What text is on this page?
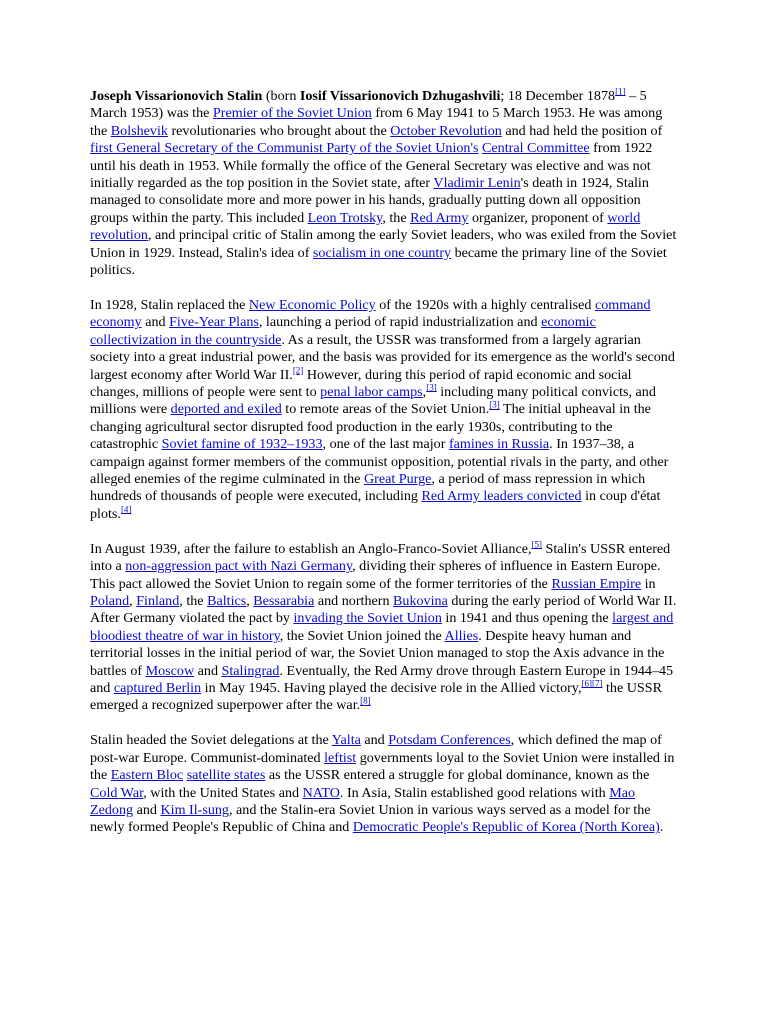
Joseph Vissarionovich Stalin (born Iosif Vissarionovich Dzhugashvili; 18 December 1878[1] – 5 March 1953) was the Premier of the Soviet Union from 6 May 1941 to 5 March 1953. He was among the Bolshevik revolutionaries who brought about the October Revolution and had held the position of first General Secretary of the Communist Party of the Soviet Union's Central Committee from 1922 until his death in 1953. While formally the office of the General Secretary was elective and was not initially regarded as the top position in the Soviet state, after Vladimir Lenin's death in 1924, Stalin managed to consolidate more and more power in his hands, gradually putting down all opposition groups within the party. This included Leon Trotsky, the Red Army organizer, proponent of world revolution, and principal critic of Stalin among the early Soviet leaders, who was exiled from the Soviet Union in 1929. Instead, Stalin's idea of socialism in one country became the primary line of the Soviet politics.

In 1928, Stalin replaced the New Economic Policy of the 1920s with a highly centralised command economy and Five-Year Plans, launching a period of rapid industrialization and economic collectivization in the countryside. As a result, the USSR was transformed from a largely agrarian society into a great industrial power, and the basis was provided for its emergence as the world's second largest economy after World War II.[2] However, during this period of rapid economic and social changes, millions of people were sent to penal labor camps,[3] including many political convicts, and millions were deported and exiled to remote areas of the Soviet Union.[3] The initial upheaval in the changing agricultural sector disrupted food production in the early 1930s, contributing to the catastrophic Soviet famine of 1932–1933, one of the last major famines in Russia. In 1937–38, a campaign against former members of the communist opposition, potential rivals in the party, and other alleged enemies of the regime culminated in the Great Purge, a period of mass repression in which hundreds of thousands of people were executed, including Red Army leaders convicted in coup d'état plots.[4]

In August 1939, after the failure to establish an Anglo-Franco-Soviet Alliance,[5] Stalin's USSR entered into a non-aggression pact with Nazi Germany, dividing their spheres of influence in Eastern Europe. This pact allowed the Soviet Union to regain some of the former territories of the Russian Empire in Poland, Finland, the Baltics, Bessarabia and northern Bukovina during the early period of World War II. After Germany violated the pact by invading the Soviet Union in 1941 and thus opening the largest and bloodiest theatre of war in history, the Soviet Union joined the Allies. Despite heavy human and territorial losses in the initial period of war, the Soviet Union managed to stop the Axis advance in the battles of Moscow and Stalingrad. Eventually, the Red Army drove through Eastern Europe in 1944–45 and captured Berlin in May 1945. Having played the decisive role in the Allied victory,[6][7] the USSR emerged a recognized superpower after the war.[8]

Stalin headed the Soviet delegations at the Yalta and Potsdam Conferences, which defined the map of post-war Europe. Communist-dominated leftist governments loyal to the Soviet Union were installed in the Eastern Bloc satellite states as the USSR entered a struggle for global dominance, known as the Cold War, with the United States and NATO. In Asia, Stalin established good relations with Mao Zedong and Kim Il-sung, and the Stalin-era Soviet Union in various ways served as a model for the newly formed People's Republic of China and Democratic People's Republic of Korea (North Korea).
